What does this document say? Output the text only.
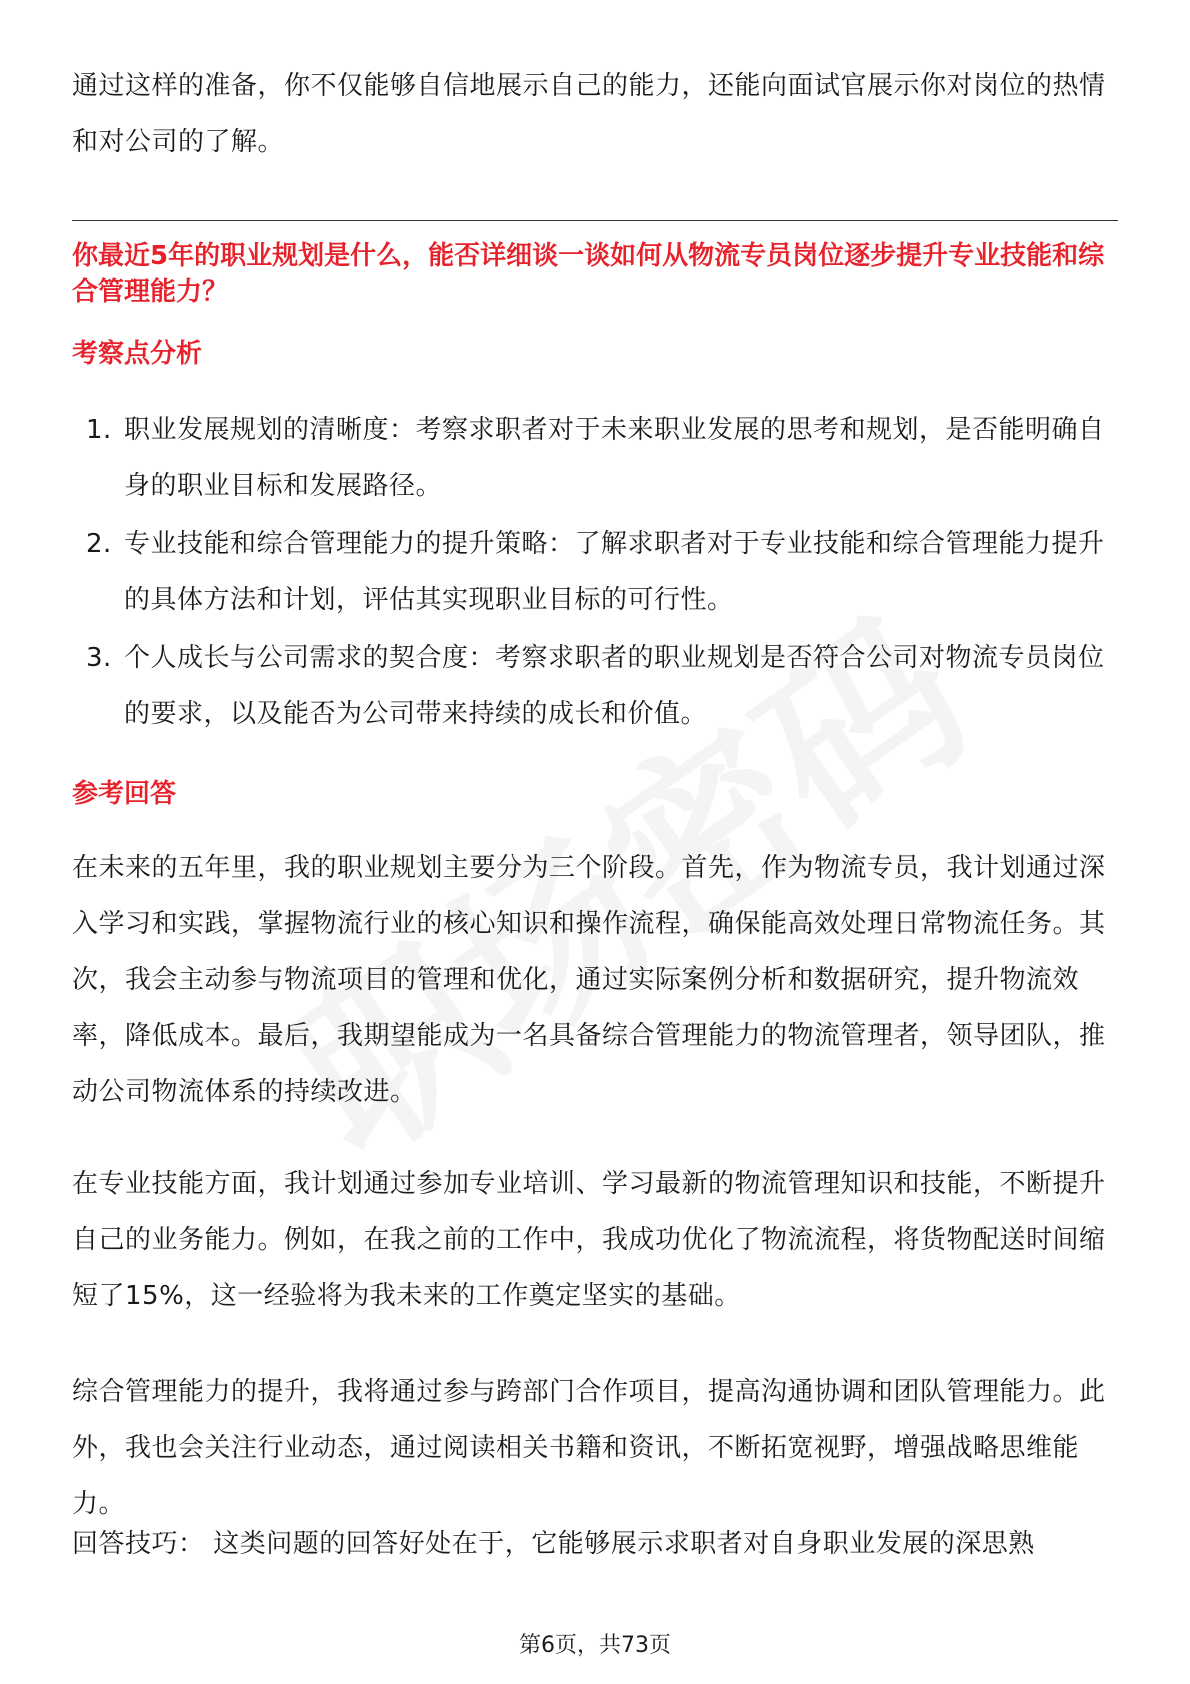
通过这样的准备，你不仅能够自信地展示自己的能力，还能向面试官展示你对岗位的热情和对公司的了解。

你最近5年的职业规划是什么，能否详细谈一谈如何从物流专员岗位逐步提升专业技能和综合管理能力？

考察点分析

1. 职业发展规划的清晰度：考察求职者对于未来职业发展的思考和规划，是否能明确自身的职业目标和发展路径。
2. 专业技能和综合管理能力的提升策略：了解求职者对于专业技能和综合管理能力提升的具体方法和计划，评估其实现职业目标的可行性。
3. 个人成长与公司需求的契合度：考察求职者的职业规划是否符合公司对物流专员岗位的要求，以及能否为公司带来持续的成长和价值。

参考回答

在未来的五年里，我的职业规划主要分为三个阶段。首先，作为物流专员，我计划通过深入学习和实践，掌握物流行业的核心知识和操作流程，确保能高效处理日常物流任务。其次，我会主动参与物流项目的管理和优化，通过实际案例分析和数据研究，提升物流效率，降低成本。最后，我期望能成为一名具备综合管理能力的物流管理者，领导团队，推动公司物流体系的持续改进。

在专业技能方面，我计划通过参加专业培训、学习最新的物流管理知识和技能，不断提升自己的业务能力。例如，在我之前的工作中，我成功优化了物流流程，将货物配送时间缩短了15%，这一经验将为我未来的工作奠定坚实的基础。

综合管理能力的提升，我将通过参与跨部门合作项目，提高沟通协调和团队管理能力。此外，我也会关注行业动态，通过阅读相关书籍和资讯，不断拓宽视野，增强战略思维能力。

回答技巧： 这类问题的回答好处在于，它能够展示求职者对自身职业发展的深思熟

第6页，共73页
